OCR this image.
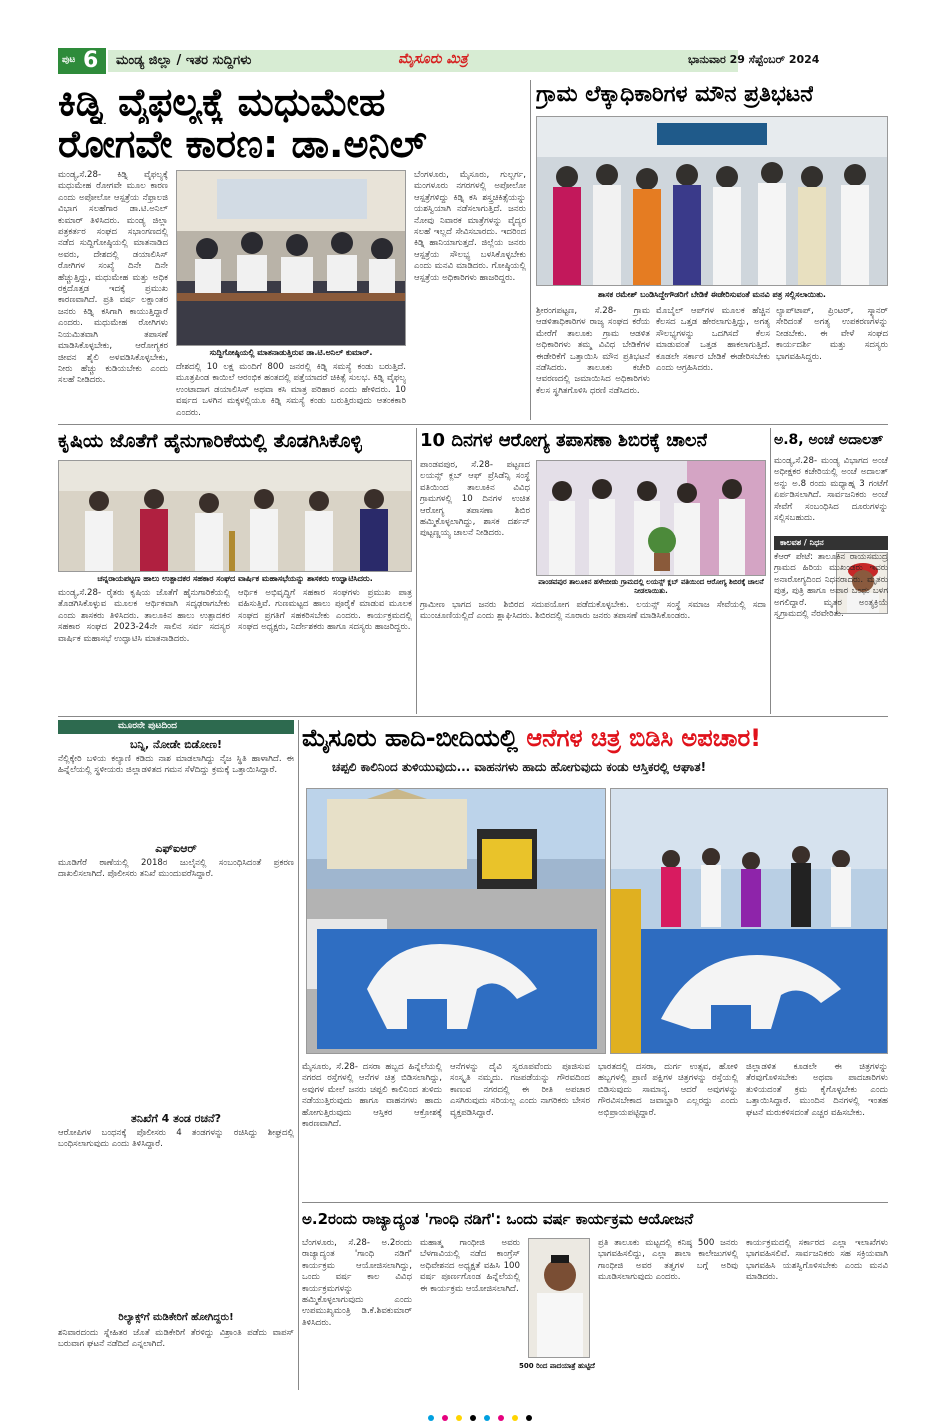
ಪುಟ 6 ಮಂಡ್ಯ ಜಿಲ್ಲಾ / ಇತರ ಸುದ್ದಿಗಳು	ಮೈಸೂರು ಮಿತ್ರ	ಭಾನುವಾರ 29 ಸೆಪ್ಟೆಂಬರ್ 2024
ಕಿಡ್ನಿ ವೈಫಲ್ಯಕ್ಕೆ ಮಧುಮೇಹ
ರೋಗವೇ ಕಾರಣ: ಡಾ.ಅನಿಲ್
ಮಂಡ್ಯ,ಸೆ.28- ಕಿಡ್ನಿ ವೈಫಲ್ಯಕ್ಕೆ ಮಧುಮೇಹ ರೋಗವೇ ಮೂಲ ಕಾರಣ ಎಂದು ಅಪೋಲೋ ಆಸ್ಪತ್ರೆಯ ನೆಫ್ರಾಲಜಿ ವಿಭಾಗ ಸಲಹೆಗಾರ ಡಾ.ಟಿ.ಅನಿಲ್ ಕುಮಾರ್ ತಿಳಿಸಿದರು. ಮಂಡ್ಯ ಜಿಲ್ಲಾ ಪತ್ರಕರ್ತರ ಸಂಘದ ಸಭಾಂಗಣದಲ್ಲಿ ನಡೆದ ಸುದ್ದಿಗೋಷ್ಠಿಯಲ್ಲಿ ಮಾತನಾಡಿದ ಅವರು, ದೇಶದಲ್ಲಿ ಡಯಾಲಿಸಿಸ್ ರೋಗಿಗಳ ಸಂಖ್ಯೆ ದಿನೇ ದಿನೇ ಹೆಚ್ಚುತ್ತಿದ್ದು, ಮಧುಮೇಹ ಮತ್ತು ಅಧಿಕ ರಕ್ತದೊತ್ತಡ ಇದಕ್ಕೆ ಪ್ರಮುಖ ಕಾರಣವಾಗಿದೆ. ಪ್ರತಿ ವರ್ಷ ಲಕ್ಷಾಂತರ ಜನರು ಕಿಡ್ನಿ ಕಸಿಗಾಗಿ ಕಾಯುತ್ತಿದ್ದಾರೆ ಎಂದರು. ಮಧುಮೇಹ ರೋಗಿಗಳು ನಿಯಮಿತವಾಗಿ ತಪಾಸಣೆ ಮಾಡಿಸಿಕೊಳ್ಳಬೇಕು, ಆರೋಗ್ಯಕರ ಜೀವನ ಶೈಲಿ ಅಳವಡಿಸಿಕೊಳ್ಳಬೇಕು, ನೀರು ಹೆಚ್ಚು ಕುಡಿಯಬೇಕು ಎಂದು ಸಲಹೆ ನೀಡಿದರು.
ಸುದ್ದಿಗೋಷ್ಠಿಯಲ್ಲಿ ಮಾತನಾಡುತ್ತಿರುವ ಡಾ.ಟಿ.ಅನಿಲ್ ಕುಮಾರ್.
ದೇಶದಲ್ಲಿ 10 ಲಕ್ಷ ಮಂದಿಗೆ 800 ಜನರಲ್ಲಿ ಕಿಡ್ನಿ ಸಮಸ್ಯೆ ಕಂಡು ಬರುತ್ತಿದೆ. ಮೂತ್ರಪಿಂಡ ಕಾಯಿಲೆ ಆರಂಭಿಕ ಹಂತದಲ್ಲಿ ಪತ್ತೆಯಾದರೆ ಚಿಕಿತ್ಸೆ ಸುಲಭ. ಕಿಡ್ನಿ ವೈಫಲ್ಯ ಉಂಟಾದಾಗ ಡಯಾಲಿಸಿಸ್ ಅಥವಾ ಕಸಿ ಮಾತ್ರ ಪರಿಹಾರ ಎಂದು ಹೇಳಿದರು. 10 ವರ್ಷದ ಒಳಗಿನ ಮಕ್ಕಳಲ್ಲಿಯೂ ಕಿಡ್ನಿ ಸಮಸ್ಯೆ ಕಂಡು ಬರುತ್ತಿರುವುದು ಆತಂಕಕಾರಿ ಎಂದರು.
ಬೆಂಗಳೂರು, ಮೈಸೂರು, ಗುಲ್ಬರ್ಗ, ಮಂಗಳೂರು ನಗರಗಳಲ್ಲಿ ಅಪೋಲೋ ಆಸ್ಪತ್ರೆಗಳಿದ್ದು ಕಿಡ್ನಿ ಕಸಿ ಶಸ್ತ್ರಚಿಕಿತ್ಸೆಯನ್ನು ಯಶಸ್ವಿಯಾಗಿ ನಡೆಸಲಾಗುತ್ತಿದೆ. ಜನರು ನೋವು ನಿವಾರಕ ಮಾತ್ರೆಗಳನ್ನು ವೈದ್ಯರ ಸಲಹೆ ಇಲ್ಲದೆ ಸೇವಿಸಬಾರದು. ಇದರಿಂದ ಕಿಡ್ನಿ ಹಾನಿಯಾಗುತ್ತದೆ. ಜಿಲ್ಲೆಯ ಜನರು ಆಸ್ಪತ್ರೆಯ ಸೌಲಭ್ಯ ಬಳಸಿಕೊಳ್ಳಬೇಕು ಎಂದು ಮನವಿ ಮಾಡಿದರು. ಗೋಷ್ಠಿಯಲ್ಲಿ ಆಸ್ಪತ್ರೆಯ ಅಧಿಕಾರಿಗಳು ಹಾಜರಿದ್ದರು.
ಗ್ರಾಮ ಲೆಕ್ಕಾಧಿಕಾರಿಗಳ ಮೌನ ಪ್ರತಿಭಟನೆ
ಶಾಸಕ ರಮೇಶ್ ಬಂಡಿಸಿದ್ದೇಗೌಡರಿಗೆ ಬೇಡಿಕೆ ಈಡೇರಿಸುವಂತೆ ಮನವಿ ಪತ್ರ ಸಲ್ಲಿಸಲಾಯಿತು.
ಶ್ರೀರಂಗಪಟ್ಟಣ, ಸೆ.28- ಗ್ರಾಮ ಆಡಳಿತಾಧಿಕಾರಿಗಳ ರಾಜ್ಯ ಸಂಘದ ಕರೆಯ ಮೇರೆಗೆ ತಾಲೂಕು ಗ್ರಾಮ ಆಡಳಿತ ಅಧಿಕಾರಿಗಳು ತಮ್ಮ ವಿವಿಧ ಬೇಡಿಕೆಗಳ ಈಡೇರಿಕೆಗೆ ಒತ್ತಾಯಿಸಿ ಮೌನ ಪ್ರತಿಭಟನೆ ನಡೆಸಿದರು. ತಾಲೂಕು ಕಚೇರಿ ಆವರಣದಲ್ಲಿ ಜಮಾಯಿಸಿದ ಅಧಿಕಾರಿಗಳು ಕೆಲಸ ಸ್ಥಗಿತಗೊಳಿಸಿ ಧರಣಿ ನಡೆಸಿದರು.
ಮೊಬೈಲ್ ಆಪ್‌ಗಳ ಮೂಲಕ ಹೆಚ್ಚಿನ ಕೆಲಸದ ಒತ್ತಡ ಹೇರಲಾಗುತ್ತಿದ್ದು, ಅಗತ್ಯ ಸೌಲಭ್ಯಗಳನ್ನು ಒದಗಿಸದೆ ಕೆಲಸ ಮಾಡುವಂತೆ ಒತ್ತಡ ಹಾಕಲಾಗುತ್ತಿದೆ. ಕೂಡಲೇ ಸರ್ಕಾರ ಬೇಡಿಕೆ ಈಡೇರಿಸಬೇಕು ಎಂದು ಆಗ್ರಹಿಸಿದರು.
ಲ್ಯಾಪ್‌ಟಾಪ್, ಪ್ರಿಂಟರ್, ಸ್ಕ್ಯಾನರ್ ಸೇರಿದಂತೆ ಅಗತ್ಯ ಉಪಕರಣಗಳನ್ನು ನೀಡಬೇಕು. ಈ ವೇಳೆ ಸಂಘದ ಕಾರ್ಯದರ್ಶಿ ಮತ್ತು ಸದಸ್ಯರು ಭಾಗವಹಿಸಿದ್ದರು.
ಕೃಷಿಯ ಜೊತೆಗೆ ಹೈನುಗಾರಿಕೆಯಲ್ಲಿ ತೊಡಗಿಸಿಕೊಳ್ಳಿ
ಚನ್ನರಾಯಪಟ್ಟಣ ಹಾಲು ಉತ್ಪಾದಕರ ಸಹಕಾರ ಸಂಘದ ವಾರ್ಷಿಕ ಮಹಾಸಭೆಯನ್ನು ಶಾಸಕರು ಉದ್ಘಾಟಿಸಿದರು.
ಮಂಡ್ಯ,ಸೆ.28- ರೈತರು ಕೃಷಿಯ ಜೊತೆಗೆ ಹೈನುಗಾರಿಕೆಯಲ್ಲಿ ತೊಡಗಿಸಿಕೊಳ್ಳುವ ಮೂಲಕ ಆರ್ಥಿಕವಾಗಿ ಸದೃಢರಾಗಬೇಕು ಎಂದು ಶಾಸಕರು ತಿಳಿಸಿದರು. ತಾಲೂಕಿನ ಹಾಲು ಉತ್ಪಾದಕರ ಸಹಕಾರ ಸಂಘದ 2023-24ನೇ ಸಾಲಿನ ಸರ್ವ ಸದಸ್ಯರ ವಾರ್ಷಿಕ ಮಹಾಸಭೆ ಉದ್ಘಾಟಿಸಿ ಮಾತನಾಡಿದರು.
ಆರ್ಥಿಕ ಅಭಿವೃದ್ಧಿಗೆ ಸಹಕಾರ ಸಂಘಗಳು ಪ್ರಮುಖ ಪಾತ್ರ ವಹಿಸುತ್ತಿವೆ. ಗುಣಮಟ್ಟದ ಹಾಲು ಪೂರೈಕೆ ಮಾಡುವ ಮೂಲಕ ಸಂಘದ ಪ್ರಗತಿಗೆ ಸಹಕರಿಸಬೇಕು ಎಂದರು. ಕಾರ್ಯಕ್ರಮದಲ್ಲಿ ಸಂಘದ ಅಧ್ಯಕ್ಷರು, ನಿರ್ದೇಶಕರು ಹಾಗೂ ಸದಸ್ಯರು ಹಾಜರಿದ್ದರು.
10 ದಿನಗಳ ಆರೋಗ್ಯ ತಪಾಸಣಾ ಶಿಬಿರಕ್ಕೆ ಚಾಲನೆ
ಪಾಂಡವಪುರ, ಸೆ.28- ಪಟ್ಟಣದ ಲಯನ್ಸ್ ಕ್ಲಬ್ ಆಫ್ ಪ್ರೆಸಿಡೆನ್ಸಿ ಸಂಸ್ಥೆ ವತಿಯಿಂದ ತಾಲೂಕಿನ ವಿವಿಧ ಗ್ರಾಮಗಳಲ್ಲಿ 10 ದಿನಗಳ ಉಚಿತ ಆರೋಗ್ಯ ತಪಾಸಣಾ ಶಿಬಿರ ಹಮ್ಮಿಕೊಳ್ಳಲಾಗಿದ್ದು, ಶಾಸಕ ದರ್ಶನ್ ಪುಟ್ಟಣ್ಣಯ್ಯ ಚಾಲನೆ ನೀಡಿದರು.
ಪಾಂಡವಪುರ ತಾಲೂಕಿನ ಹಳೇಬೀಡು ಗ್ರಾಮದಲ್ಲಿ ಲಯನ್ಸ್ ಕ್ಲಬ್ ವತಿಯಿಂದ ಆರೋಗ್ಯ ಶಿಬಿರಕ್ಕೆ ಚಾಲನೆ ನೀಡಲಾಯಿತು.
ಗ್ರಾಮೀಣ ಭಾಗದ ಜನರು ಶಿಬಿರದ ಸದುಪಯೋಗ ಪಡೆದುಕೊಳ್ಳಬೇಕು. ಲಯನ್ಸ್ ಸಂಸ್ಥೆ ಸಮಾಜ ಸೇವೆಯಲ್ಲಿ ಸದಾ ಮುಂಚೂಣಿಯಲ್ಲಿದೆ ಎಂದು ಶ್ಲಾಘಿಸಿದರು. ಶಿಬಿರದಲ್ಲಿ ನೂರಾರು ಜನರು ತಪಾಸಣೆ ಮಾಡಿಸಿಕೊಂಡರು.
ಅ.8, ಅಂಚೆ ಅದಾಲತ್
ಮಂಡ್ಯ,ಸೆ.28- ಮಂಡ್ಯ ವಿಭಾಗದ ಅಂಚೆ ಅಧೀಕ್ಷಕರ ಕಚೇರಿಯಲ್ಲಿ ಅಂಚೆ ಅದಾಲತ್ ಅನ್ನು ಅ.8 ರಂದು ಮಧ್ಯಾಹ್ನ 3 ಗಂಟೆಗೆ ಏರ್ಪಡಿಸಲಾಗಿದೆ. ಸಾರ್ವಜನಿಕರು ಅಂಚೆ ಸೇವೆಗೆ ಸಂಬಂಧಿಸಿದ ದೂರುಗಳನ್ನು ಸಲ್ಲಿಸಬಹುದು.
ಕಾಲವಶ / ನಿಧನ
ಕೆಆರ್ ಪೇಟೆ: ತಾಲೂಕಿನ ರಾಯಸಮುದ್ರ ಗ್ರಾಮದ ಹಿರಿಯ ಮುಖಂಡರು ಇವರು ಅನಾರೋಗ್ಯದಿಂದ ನಿಧನರಾದರು. ಮೃತರು ಪುತ್ರ, ಪುತ್ರಿ ಹಾಗೂ ಅಪಾರ ಬಂಧು ಬಳಗ ಅಗಲಿದ್ದಾರೆ. ಮೃತರ ಅಂತ್ಯಕ್ರಿಯೆ ಸ್ವಗ್ರಾಮದಲ್ಲಿ ನೆರವೇರಿತು.
ಮೂರನೇ ಪುಟದಿಂದ
ಬನ್ನಿ, ನೋಡೇ ಬಿಡೋಣ!
ನೆಲ್ಲಿಕ್ಕೇರಿ ಬಳಿಯ ಕಲ್ಯಾಣಿ ಕಡಿದು ನಾಶ ಮಾಡಲಾಗಿದ್ದು ನೈಜ ಸ್ಥಿತಿ ಹಾಳಾಗಿದೆ. ಈ ಹಿನ್ನೆಲೆಯಲ್ಲಿ ಸ್ಥಳೀಯರು ಜಿಲ್ಲಾಡಳಿತದ ಗಮನ ಸೆಳೆದಿದ್ದು ಕ್ರಮಕ್ಕೆ ಒತ್ತಾಯಿಸಿದ್ದಾರೆ.
ಎಫ್‌ಐಆರ್
ಮೂಡಿಗೆರೆ ಠಾಣೆಯಲ್ಲಿ 2018ರ ಜುಲೈನಲ್ಲಿ ಸಂಬಂಧಿಸಿದಂತೆ ಪ್ರಕರಣ ದಾಖಲಿಸಲಾಗಿದೆ. ಪೊಲೀಸರು ತನಿಖೆ ಮುಂದುವರೆಸಿದ್ದಾರೆ.
ತನಿಖೆಗೆ 4 ತಂಡ ರಚನೆ?
ಆರೋಪಿಗಳ ಬಂಧನಕ್ಕೆ ಪೊಲೀಸರು 4 ತಂಡಗಳನ್ನು ರಚಿಸಿದ್ದು ಶೀಘ್ರದಲ್ಲಿ ಬಂಧಿಸಲಾಗುವುದು ಎಂದು ತಿಳಿಸಿದ್ದಾರೆ.
ರಿಲ್ಯಾಕ್ಸ್‌ಗೆ ಮಡಿಕೇರಿಗೆ ಹೋಗಿದ್ದರು!
ಶನಿವಾರದಂದು ಸ್ನೇಹಿತರ ಜೊತೆ ಮಡಿಕೇರಿಗೆ ತೆರಳಿದ್ದು ವಿಶ್ರಾಂತಿ ಪಡೆದು ವಾಪಸ್ ಬರುವಾಗ ಘಟನೆ ನಡೆದಿದೆ ಎನ್ನಲಾಗಿದೆ.
ಮೈಸೂರು ಹಾದಿ-ಬೀದಿಯಲ್ಲಿ ಆನೆಗಳ ಚಿತ್ರ ಬಿಡಿಸಿ ಅಪಚಾರ!
ಚಪ್ಪಲಿ ಕಾಲಿನಿಂದ ತುಳಿಯುವುದು... ವಾಹನಗಳು ಹಾದು ಹೋಗುವುದು ಕಂಡು ಆಸ್ತಿಕರಲ್ಲಿ ಆಘಾತ!
ಮೈಸೂರು, ಸೆ.28- ದಸರಾ ಹಬ್ಬದ ಹಿನ್ನೆಲೆಯಲ್ಲಿ ನಗರದ ರಸ್ತೆಗಳಲ್ಲಿ ಆನೆಗಳ ಚಿತ್ರ ಬಿಡಿಸಲಾಗಿದ್ದು, ಅವುಗಳ ಮೇಲೆ ಜನರು ಚಪ್ಪಲಿ ಕಾಲಿನಿಂದ ತುಳಿದು ನಡೆಯುತ್ತಿರುವುದು ಹಾಗೂ ವಾಹನಗಳು ಹಾದು ಹೋಗುತ್ತಿರುವುದು ಆಸ್ತಿಕರ ಆಕ್ರೋಶಕ್ಕೆ ಕಾರಣವಾಗಿದೆ.
ಆನೆಗಳನ್ನು ದೈವಿ ಸ್ವರೂಪವೆಂದು ಪೂಜಿಸುವ ಸಂಸ್ಕೃತಿ ನಮ್ಮದು. ಗಜಪಡೆಯನ್ನು ಗೌರವದಿಂದ ಕಾಣುವ ನಗರದಲ್ಲಿ ಈ ರೀತಿ ಅಪಚಾರ ಎಸಗಿರುವುದು ಸರಿಯಲ್ಲ ಎಂದು ನಾಗರಿಕರು ಬೇಸರ ವ್ಯಕ್ತಪಡಿಸಿದ್ದಾರೆ.
ಭಾರತದಲ್ಲಿ ದಸರಾ, ದುರ್ಗ ಉತ್ಸವ, ಹೋಳಿ ಹಬ್ಬಗಳಲ್ಲಿ ಪ್ರಾಣಿ ಪಕ್ಷಿಗಳ ಚಿತ್ರಗಳನ್ನು ರಸ್ತೆಯಲ್ಲಿ ಬಿಡಿಸುವುದು ಸಾಮಾನ್ಯ. ಆದರೆ ಅವುಗಳನ್ನು ಗೌರವಿಸಬೇಕಾದ ಜವಾಬ್ದಾರಿ ಎಲ್ಲರದ್ದು ಎಂದು ಅಭಿಪ್ರಾಯಪಟ್ಟಿದ್ದಾರೆ.
ಜಿಲ್ಲಾಡಳಿತ ಕೂಡಲೇ ಈ ಚಿತ್ರಗಳನ್ನು ತೆರವುಗೊಳಿಸಬೇಕು ಅಥವಾ ಪಾದಚಾರಿಗಳು ತುಳಿಯದಂತೆ ಕ್ರಮ ಕೈಗೊಳ್ಳಬೇಕು ಎಂದು ಒತ್ತಾಯಿಸಿದ್ದಾರೆ. ಮುಂದಿನ ದಿನಗಳಲ್ಲಿ ಇಂತಹ ಘಟನೆ ಮರುಕಳಿಸದಂತೆ ಎಚ್ಚರ ವಹಿಸಬೇಕು.
ಅ.2ರಂದು ರಾಜ್ಯಾದ್ಯಂತ 'ಗಾಂಧಿ ನಡಿಗೆ': ಒಂದು ವರ್ಷ ಕಾರ್ಯಕ್ರಮ ಆಯೋಜನೆ
ಬೆಂಗಳೂರು, ಸೆ.28- ಅ.2ರಂದು ರಾಜ್ಯಾದ್ಯಂತ 'ಗಾಂಧಿ ನಡಿಗೆ' ಕಾರ್ಯಕ್ರಮ ಆಯೋಜಿಸಲಾಗಿದ್ದು, ಒಂದು ವರ್ಷ ಕಾಲ ವಿವಿಧ ಕಾರ್ಯಕ್ರಮಗಳನ್ನು ಹಮ್ಮಿಕೊಳ್ಳಲಾಗುವುದು ಎಂದು ಉಪಮುಖ್ಯಮಂತ್ರಿ ಡಿ.ಕೆ.ಶಿವಕುಮಾರ್ ತಿಳಿಸಿದರು.
ಮಹಾತ್ಮ ಗಾಂಧೀಜಿ ಅವರು ಬೆಳಗಾವಿಯಲ್ಲಿ ನಡೆದ ಕಾಂಗ್ರೆಸ್ ಅಧಿವೇಶನದ ಅಧ್ಯಕ್ಷತೆ ವಹಿಸಿ 100 ವರ್ಷ ಪೂರ್ಣಗೊಂಡ ಹಿನ್ನೆಲೆಯಲ್ಲಿ ಈ ಕಾರ್ಯಕ್ರಮ ಆಯೋಜಿಸಲಾಗಿದೆ.
500 ರಿಂದ ಪಾದಯಾತ್ರೆ ಹುಟ್ಟಿದೆ
ಪ್ರತಿ ತಾಲೂಕು ಮಟ್ಟದಲ್ಲಿ ಕನಿಷ್ಠ 500 ಜನರು ಭಾಗವಹಿಸಲಿದ್ದು, ಎಲ್ಲಾ ಶಾಲಾ ಕಾಲೇಜುಗಳಲ್ಲಿ ಗಾಂಧೀಜಿ ಅವರ ತತ್ವಗಳ ಬಗ್ಗೆ ಅರಿವು ಮೂಡಿಸಲಾಗುವುದು ಎಂದರು.
ಕಾರ್ಯಕ್ರಮದಲ್ಲಿ ಸರ್ಕಾರದ ಎಲ್ಲಾ ಇಲಾಖೆಗಳು ಭಾಗವಹಿಸಲಿವೆ. ಸಾರ್ವಜನಿಕರು ಸಹ ಸಕ್ರಿಯವಾಗಿ ಭಾಗವಹಿಸಿ ಯಶಸ್ವಿಗೊಳಿಸಬೇಕು ಎಂದು ಮನವಿ ಮಾಡಿದರು.
